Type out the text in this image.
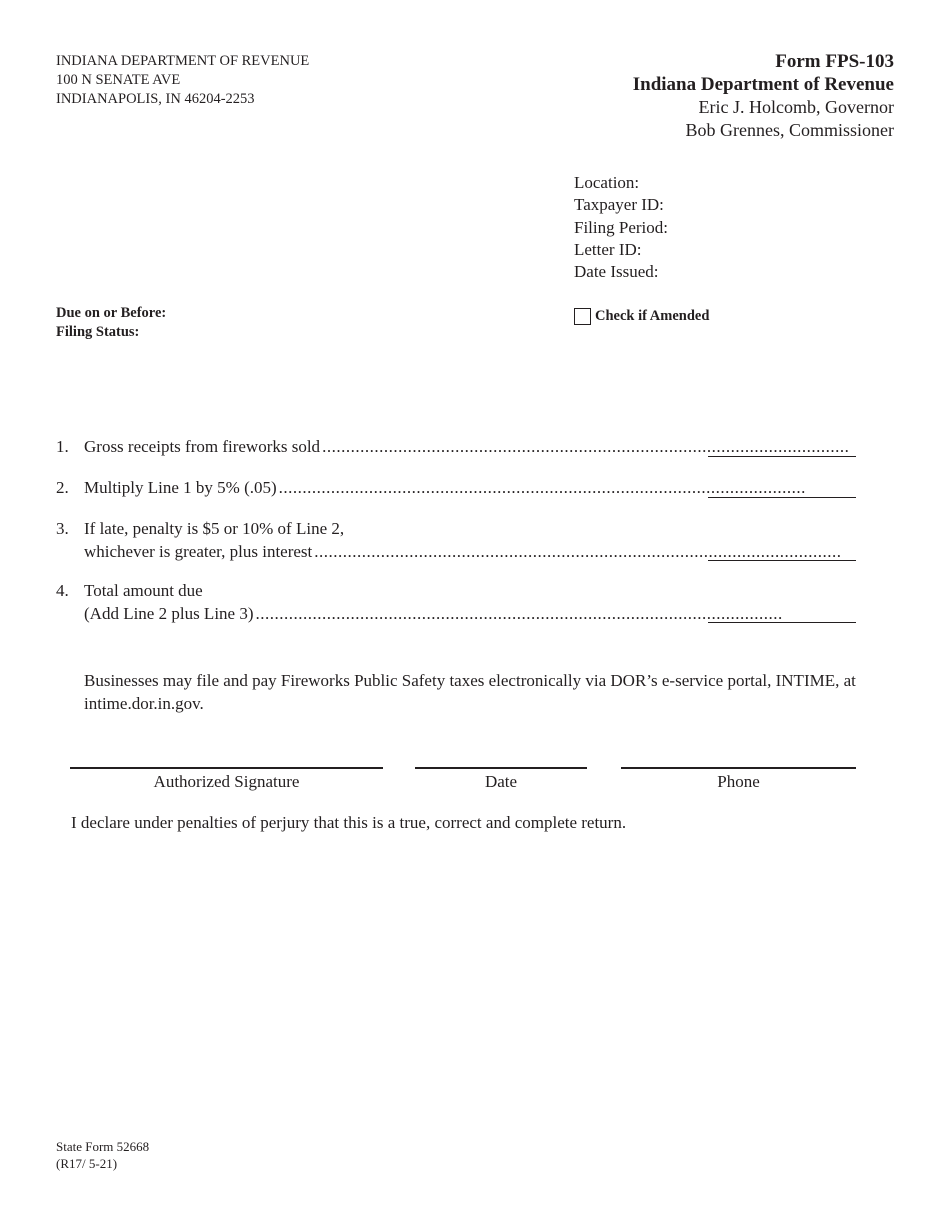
INDIANA DEPARTMENT OF REVENUE
100 N SENATE AVE
INDIANAPOLIS, IN 46204-2253
Form FPS-103
Indiana Department of Revenue
Eric J. Holcomb, Governor
Bob Grennes, Commissioner
Location:
Taxpayer ID:
Filing Period:
Letter ID:
Date Issued:
Due on or Before:
Filing Status:
Check if Amended
1. Gross receipts from fireworks sold ...............................................................................................................
2. Multiply Line 1 by 5% (.05) ...............................................................................................................
3. If late, penalty is $5 or 10% of Line 2,
whichever is greater, plus interest ...............................................................................................................
4. Total amount due
(Add Line 2 plus Line 3) ...............................................................................................................
Businesses may file and pay Fireworks Public Safety taxes electronically via DOR’s e-service portal, INTIME, at intime.dor.in.gov.
Authorized Signature	Date	Phone
I declare under penalties of perjury that this is a true, correct and complete return.
State Form 52668
(R17/ 5-21)
